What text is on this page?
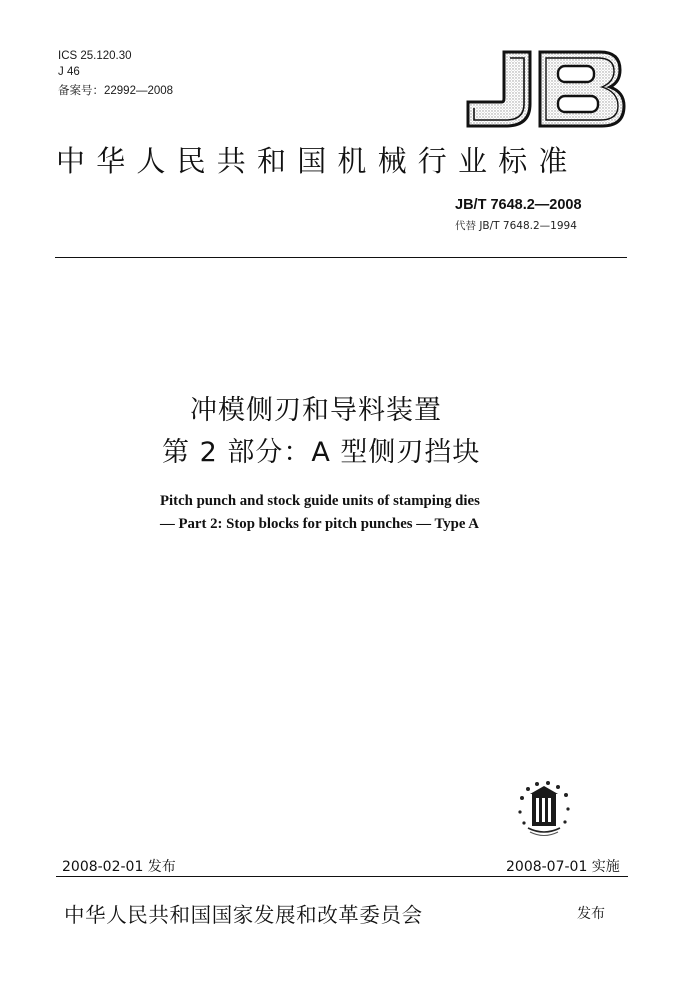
ICS 25.120.30
J 46
备案号：22992—2008
中华人民共和国机械行业标准
JB/T 7648.2—2008
代替 JB/T 7648.2—1994
冲模侧刃和导料装置
第 2 部分：A 型侧刃挡块
Pitch punch and stock guide units of stamping dies
— Part 2: Stop blocks for pitch punches — Type A
2008-02-01 发布	2008-07-01 实施
中华人民共和国国家发展和改革委员会	发布
